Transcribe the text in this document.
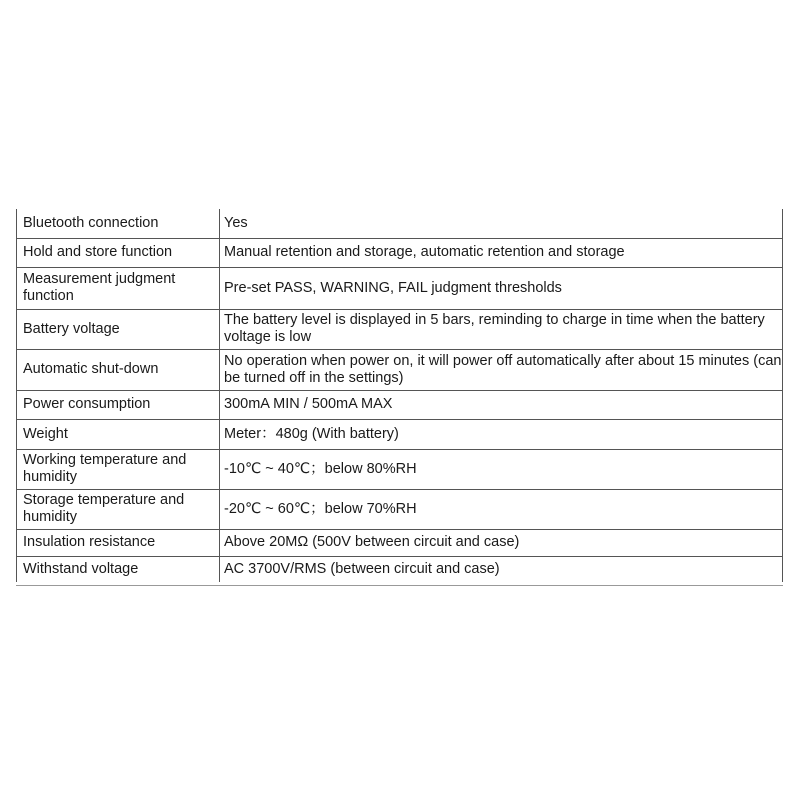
Bluetooth connection	Yes
Hold and store function	Manual retention and storage, automatic retention and storage
Measurement judgment function	Pre-set PASS, WARNING, FAIL judgment thresholds
Battery voltage	The battery level is displayed in 5 bars, reminding to charge in time when the battery voltage is low
Automatic shut-down	No operation when power on, it will power off automatically after about 15 minutes (can be turned off in the settings)
Power consumption	300mA MIN / 500mA MAX
Weight	Meter：480g (With battery)
Working temperature and humidity	-10℃ ~ 40℃；below 80%RH
Storage temperature and humidity	-20℃ ~ 60℃；below 70%RH
Insulation resistance	Above 20MΩ (500V between circuit and case)
Withstand voltage	AC 3700V/RMS (between circuit and case)
